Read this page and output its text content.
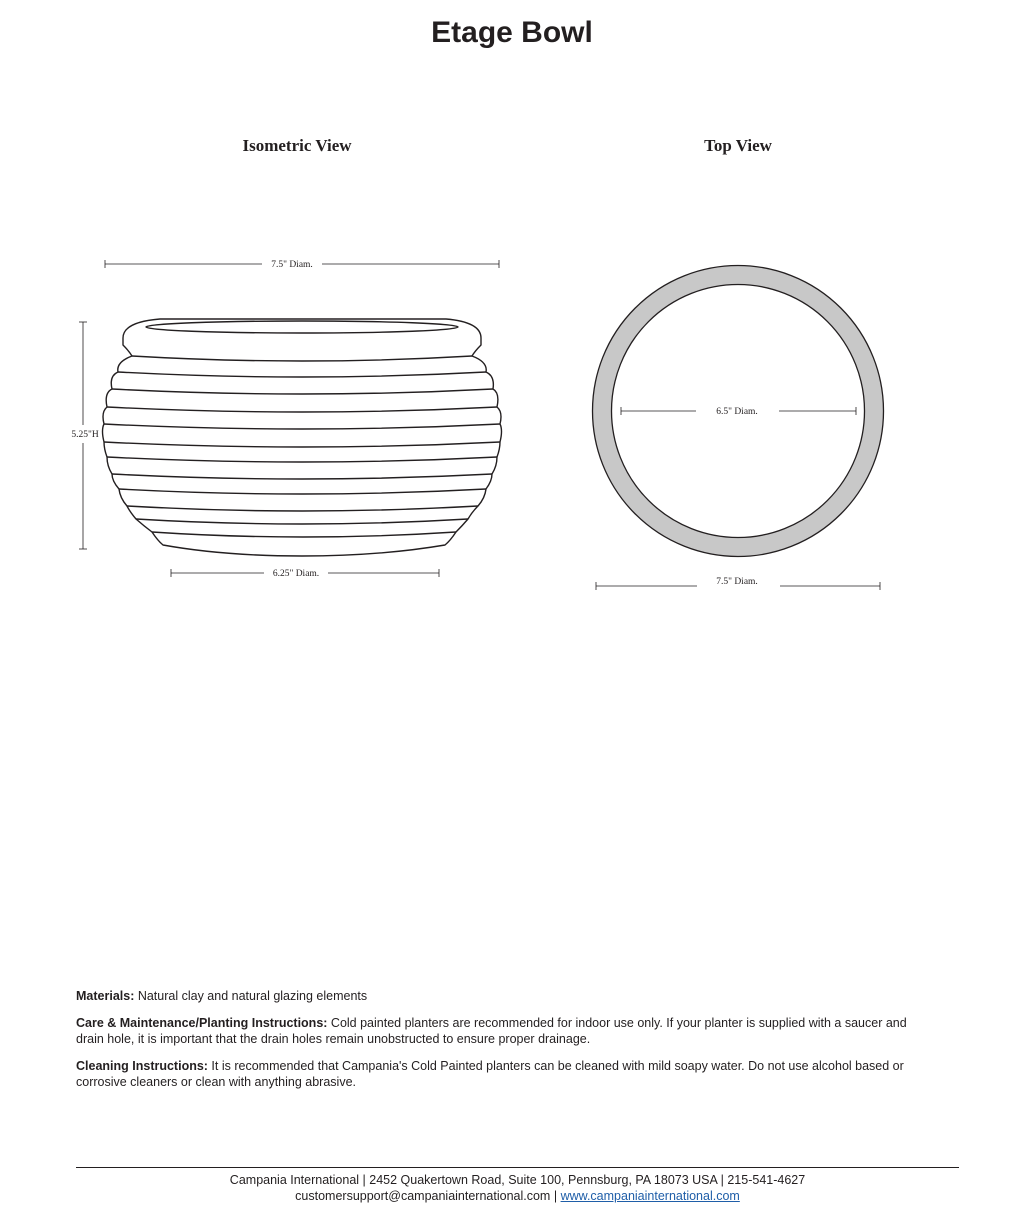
Etage Bowl
Isometric View	Top View
7.5" Diam.
5.25"H
6.25" Diam.
6.5" Diam.
7.5" Diam.

Materials: Natural clay and natural glazing elements

Care & Maintenance/Planting Instructions: Cold painted planters are recommended for indoor use only. If your planter is supplied with a saucer and drain hole, it is important that the drain holes remain unobstructed to ensure proper drainage.

Cleaning Instructions: It is recommended that Campania's Cold Painted planters can be cleaned with mild soapy water. Do not use alcohol based or corrosive cleaners or clean with anything abrasive.

Campania International | 2452 Quakertown Road, Suite 100, Pennsburg, PA 18073 USA | 215-541-4627
customersupport@campaniainternational.com | www.campaniainternational.com
